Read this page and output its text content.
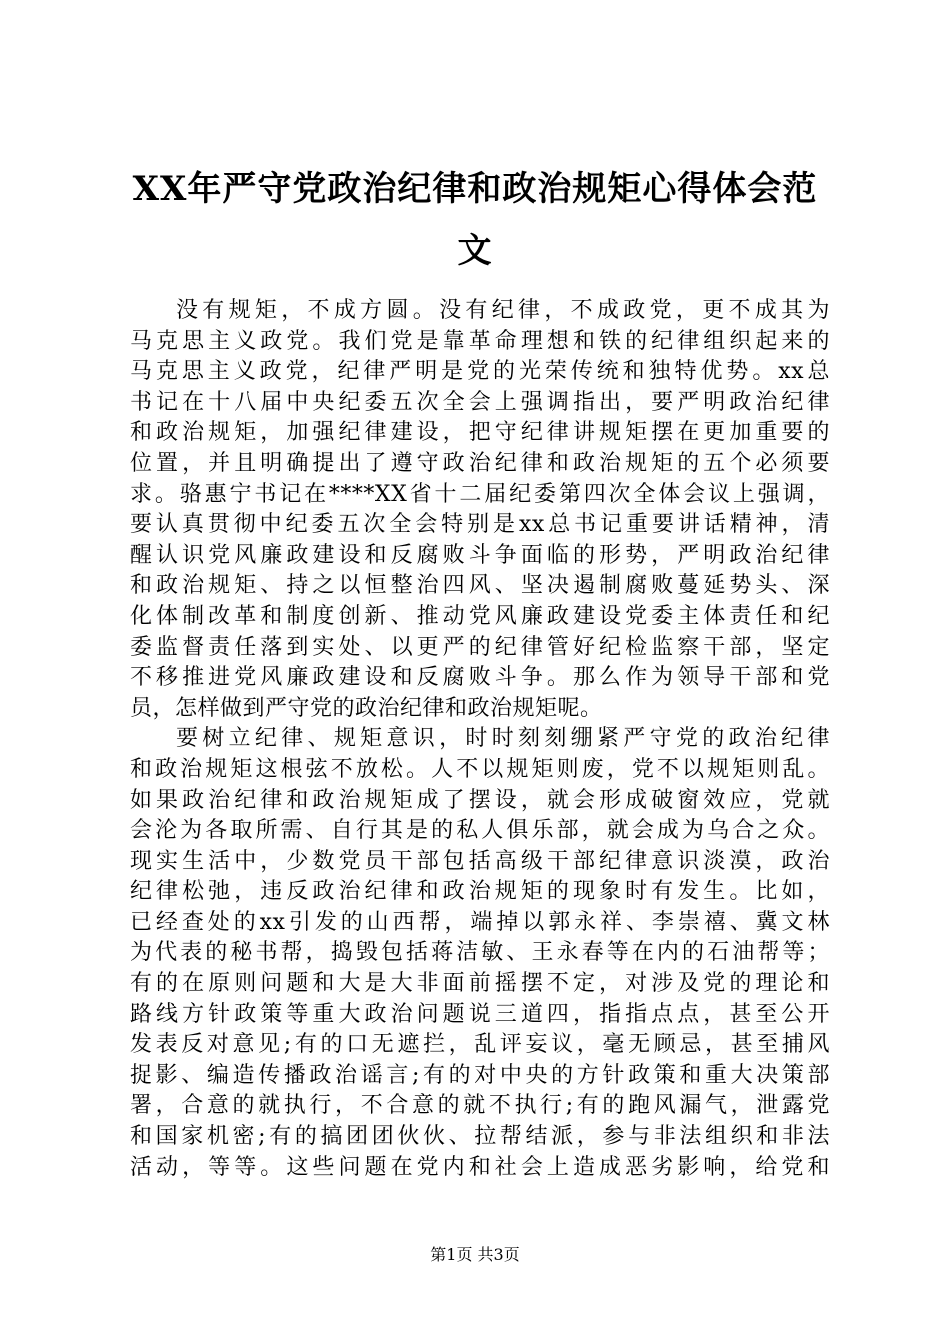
XX年严守党政治纪律和政治规矩心得体会范
文

没有规矩，不成方圆。没有纪律，不成政党，更不成其为
马克思主义政党。我们党是靠革命理想和铁的纪律组织起来的
马克思主义政党，纪律严明是党的光荣传统和独特优势。xx总
书记在十八届中央纪委五次全会上强调指出，要严明政治纪律
和政治规矩，加强纪律建设，把守纪律讲规矩摆在更加重要的
位置，并且明确提出了遵守政治纪律和政治规矩的五个必须要
求。骆惠宁书记在****XX省十二届纪委第四次全体会议上强调，
要认真贯彻中纪委五次全会特别是xx总书记重要讲话精神，清
醒认识党风廉政建设和反腐败斗争面临的形势，严明政治纪律
和政治规矩、持之以恒整治四风、坚决遏制腐败蔓延势头、深
化体制改革和制度创新、推动党风廉政建设党委主体责任和纪
委监督责任落到实处、以更严的纪律管好纪检监察干部，坚定
不移推进党风廉政建设和反腐败斗争。那么作为领导干部和党
员，怎样做到严守党的政治纪律和政治规矩呢。

要树立纪律、规矩意识，时时刻刻绷紧严守党的政治纪律
和政治规矩这根弦不放松。人不以规矩则废，党不以规矩则乱。
如果政治纪律和政治规矩成了摆设，就会形成破窗效应，党就
会沦为各取所需、自行其是的私人俱乐部，就会成为乌合之众。
现实生活中，少数党员干部包括高级干部纪律意识淡漠，政治
纪律松弛，违反政治纪律和政治规矩的现象时有发生。比如，
已经查处的xx引发的山西帮，端掉以郭永祥、李崇禧、冀文林
为代表的秘书帮，捣毁包括蒋洁敏、王永春等在内的石油帮等；
有的在原则问题和大是大非面前摇摆不定，对涉及党的理论和
路线方针政策等重大政治问题说三道四，指指点点，甚至公开
发表反对意见;有的口无遮拦，乱评妄议，毫无顾忌，甚至捕风
捉影、编造传播政治谣言;有的对中央的方针政策和重大决策部
署，合意的就执行，不合意的就不执行;有的跑风漏气，泄露党
和国家机密;有的搞团团伙伙、拉帮结派，参与非法组织和非法
活动，等等。这些问题在党内和社会上造成恶劣影响，给党和

第1页 共3页
